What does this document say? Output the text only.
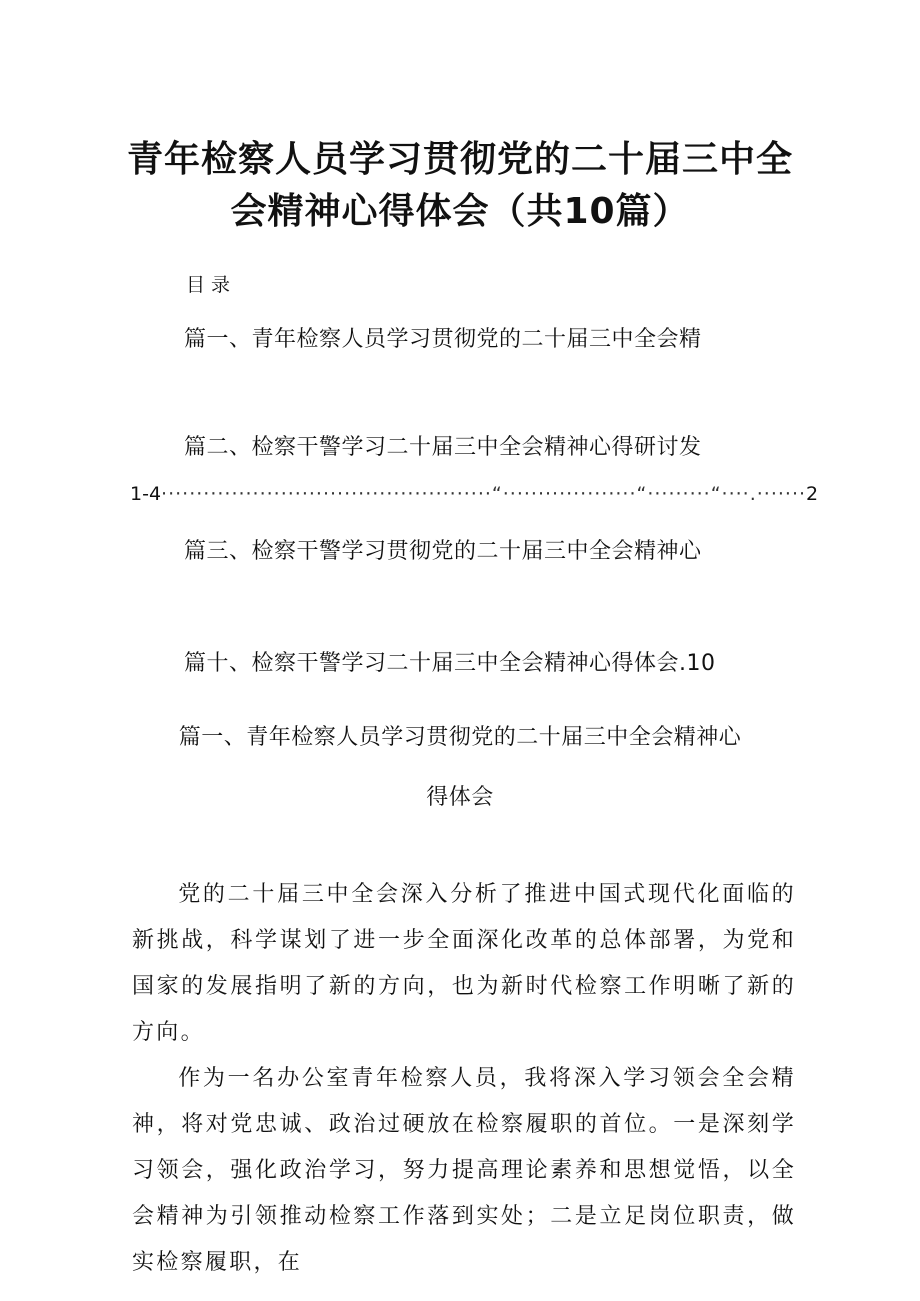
青年检察人员学习贯彻党的二十届三中全
会精神心得体会（共10篇）
目录
篇一、青年检察人员学习贯彻党的二十届三中全会精
篇二、检察干警学习二十届三中全会精神心得研讨发
1-4 ···············································“···················“·········“····.······· 2
篇三、检察干警学习贯彻党的二十届三中全会精神心
篇十、检察干警学习二十届三中全会精神心得体会.10
篇一、青年检察人员学习贯彻党的二十届三中全会精神心
得体会

党的二十届三中全会深入分析了推进中国式现代化面临的新挑战，科学谋划了进一步全面深化改革的总体部署，为党和国家的发展指明了新的方向，也为新时代检察工作明晰了新的方向。

作为一名办公室青年检察人员，我将深入学习领会全会精神，将对党忠诚、政治过硬放在检察履职的首位。一是深刻学习领会，强化政治学习，努力提高理论素养和思想觉悟，以全会精神为引领推动检察工作落到实处；二是立足岗位职责，做实检察履职，在
